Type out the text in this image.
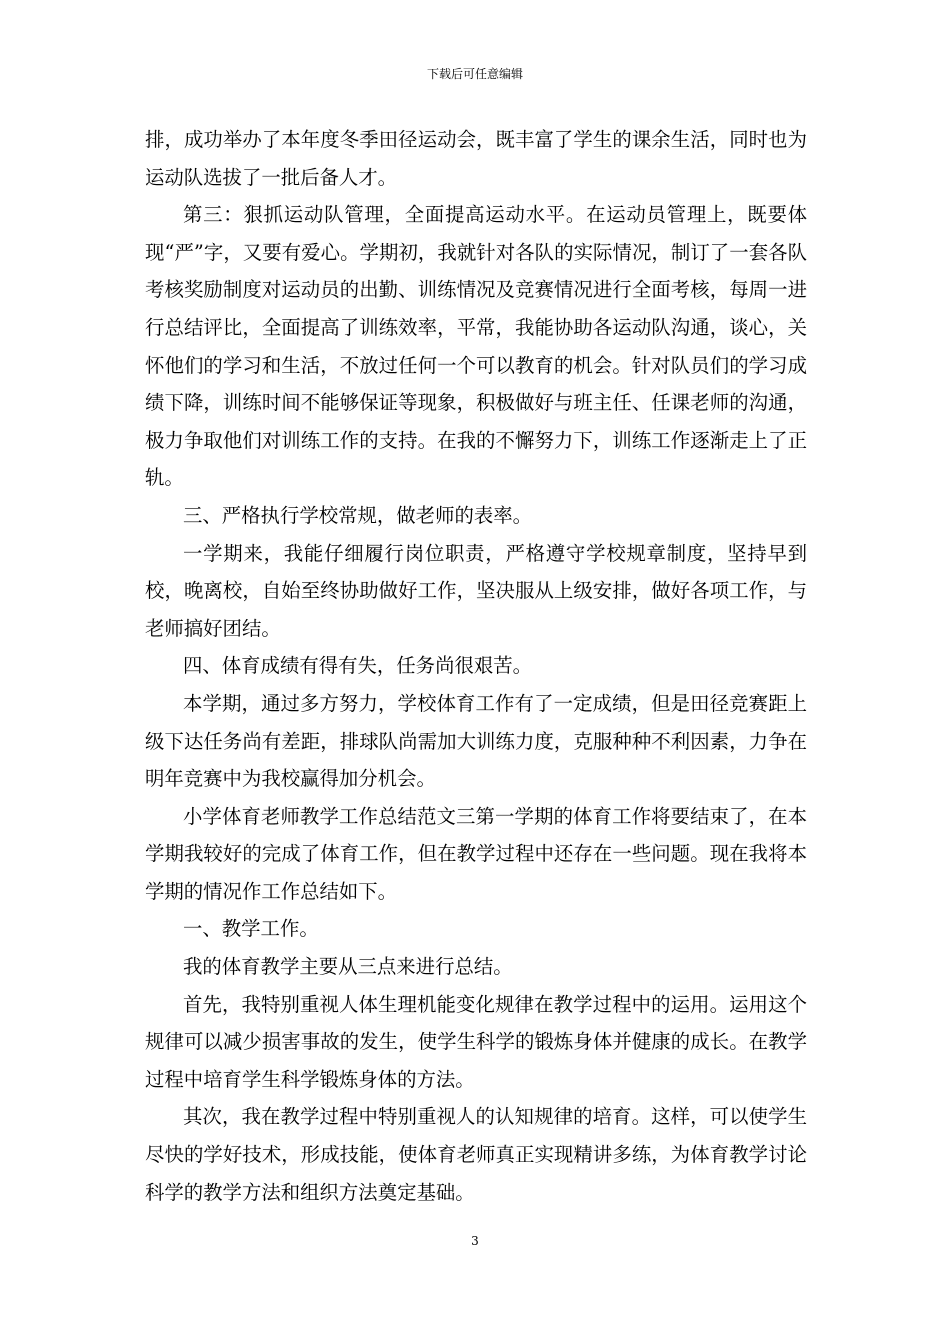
下载后可任意编辑

排，成功举办了本年度冬季田径运动会，既丰富了学生的课余生活，同时也为运动队选拔了一批后备人才。

第三：狠抓运动队管理，全面提高运动水平。在运动员管理上，既要体现“严”字，又要有爱心。学期初，我就针对各队的实际情况，制订了一套各队考核奖励制度对运动员的出勤、训练情况及竞赛情况进行全面考核，每周一进行总结评比，全面提高了训练效率，平常，我能协助各运动队沟通，谈心，关怀他们的学习和生活，不放过任何一个可以教育的机会。针对队员们的学习成绩下降，训练时间不能够保证等现象，积极做好与班主任、任课老师的沟通，极力争取他们对训练工作的支持。在我的不懈努力下，训练工作逐渐走上了正轨。

三、严格执行学校常规，做老师的表率。

一学期来，我能仔细履行岗位职责，严格遵守学校规章制度，坚持早到校，晚离校，自始至终协助做好工作，坚决服从上级安排，做好各项工作，与老师搞好团结。

四、体育成绩有得有失，任务尚很艰苦。

本学期，通过多方努力，学校体育工作有了一定成绩，但是田径竞赛距上级下达任务尚有差距，排球队尚需加大训练力度，克服种种不利因素，力争在明年竞赛中为我校赢得加分机会。

小学体育老师教学工作总结范文三第一学期的体育工作将要结束了，在本学期我较好的完成了体育工作，但在教学过程中还存在一些问题。现在我将本学期的情况作工作总结如下。

一、教学工作。

我的体育教学主要从三点来进行总结。

首先，我特别重视人体生理机能变化规律在教学过程中的运用。运用这个规律可以减少损害事故的发生，使学生科学的锻炼身体并健康的成长。在教学过程中培育学生科学锻炼身体的方法。

其次，我在教学过程中特别重视人的认知规律的培育。这样，可以使学生尽快的学好技术，形成技能，使体育老师真正实现精讲多练，为体育教学讨论科学的教学方法和组织方法奠定基础。

3
